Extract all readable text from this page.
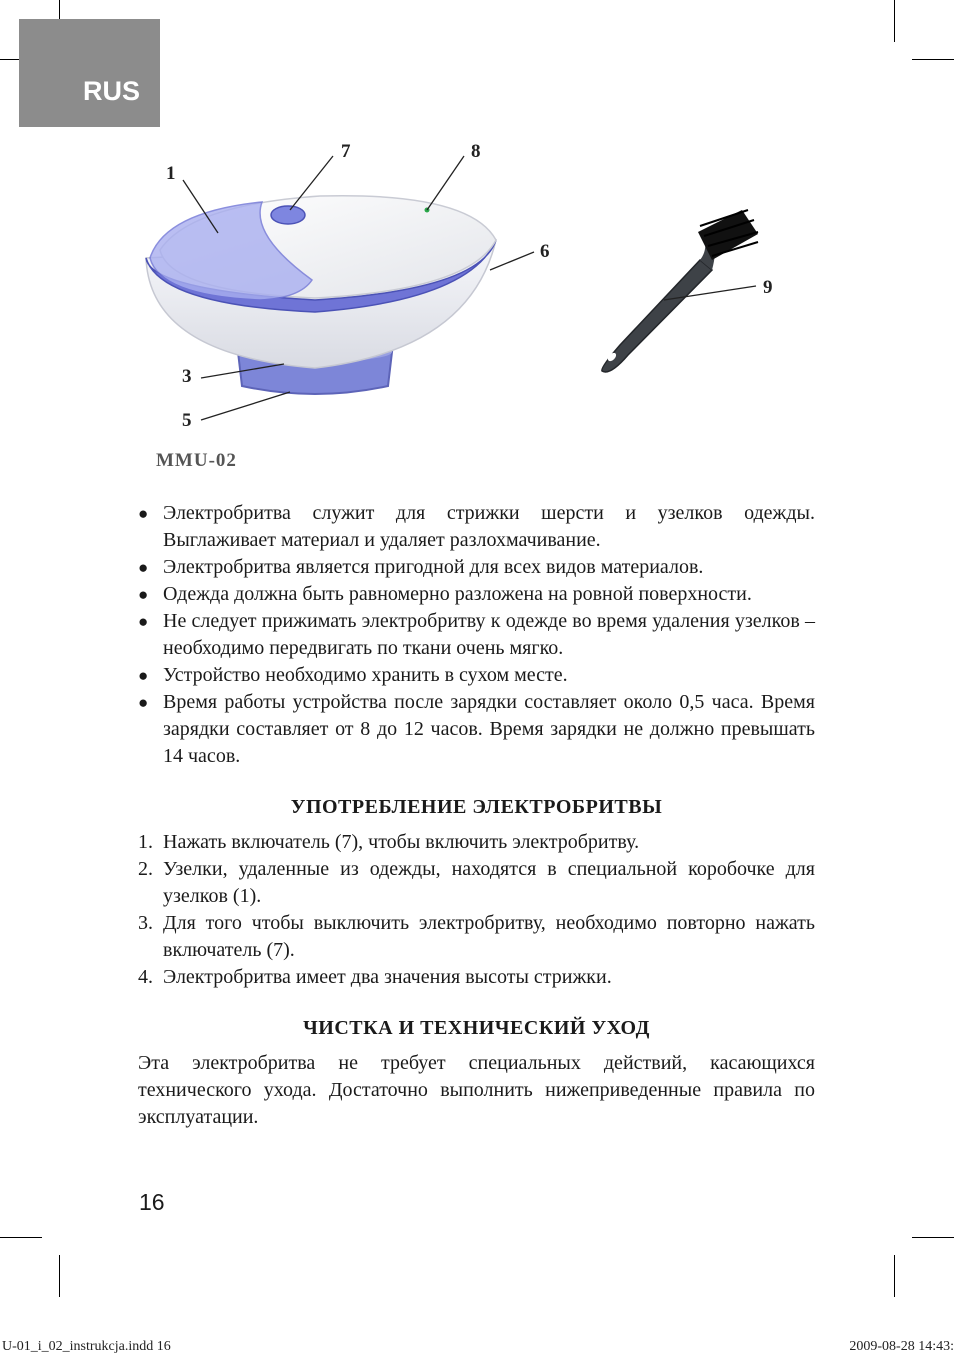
RUS
1
7	8
6
9
3
5
MMU-02
● Электробритва служит для стрижки шерсти и узелков одежды. Выглаживает материал и удаляет разлохмачивание.
● Электробритва является пригодной для всех видов материалов.
● Одежда должна быть равномерно разложена на ровной поверхности.
● Не следует прижимать электробритву к одежде во время удаления узелков – необходимо передвигать по ткани очень мягко.
● Устройство необходимо хранить в сухом месте.
● Время работы устройства после зарядки составляет около 0,5 часа. Время зарядки составляет от 8 до 12 часов. Время зарядки не должно превышать 14 часов.
УПОТРЕБЛЕНИЕ ЭЛЕКТРОБРИТВЫ
1. Нажать включатель (7), чтобы включить электробритву.
2. Узелки, удаленные из одежды, находятся в специальной коробочке для узелков (1).
3. Для того чтобы выключить электробритву, необходимо повторно нажать включатель (7).
4. Электробритва имеет два значения высоты стрижки.
ЧИСТКА И ТЕХНИЧЕСКИЙ УХОД

Эта электробритва не требует специальных действий, касающихся технического ухода. Достаточно выполнить нижеприведенные правила по эксплуатации.

16
U-01_i_02_instrukcja.indd 16	2009-08-28 14:43:
